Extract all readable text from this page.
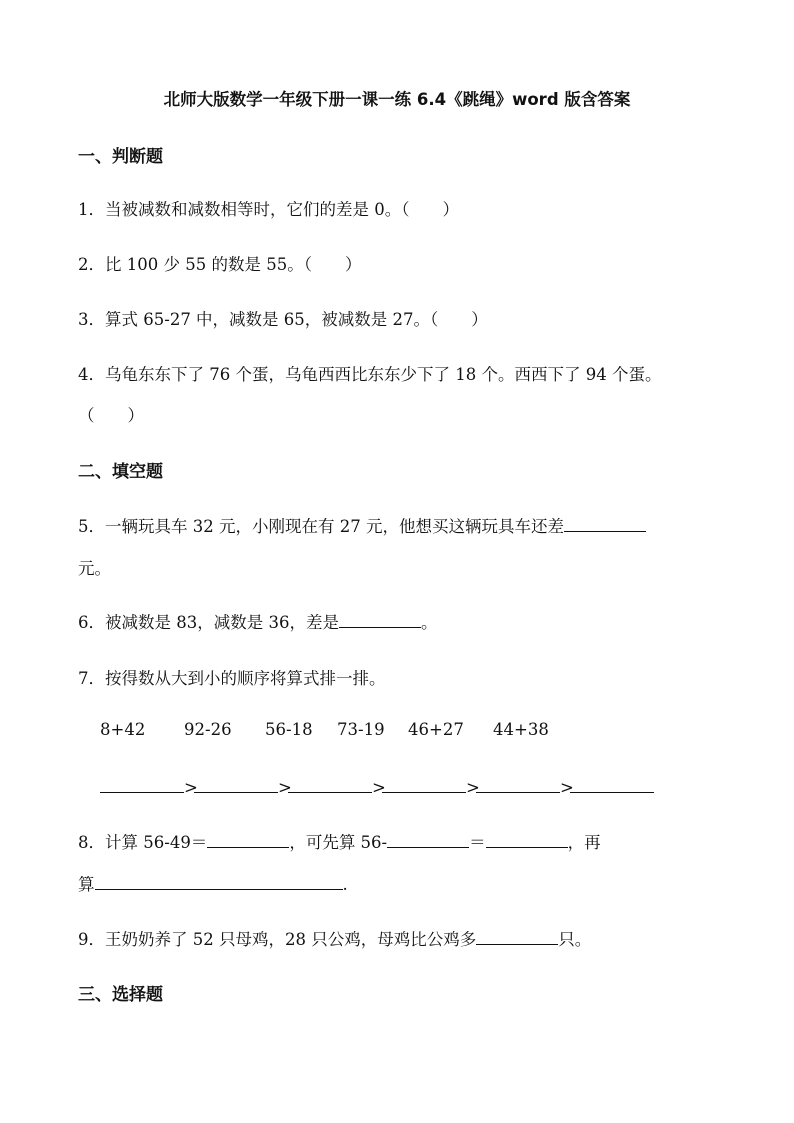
北师大版数学一年级下册一课一练 6.4《跳绳》word 版含答案
一、判断题
1．当被减数和减数相等时，它们的差是 0。（　　）
2．比 100 少 55 的数是 55。（　　）
3．算式 65-27 中，减数是 65，被减数是 27。（　　）
4．乌龟东东下了 76 个蛋，乌龟西西比东东少下了 18 个。西西下了 94 个蛋。
（　　）
二、填空题
5．一辆玩具车 32 元，小刚现在有 27 元，他想买这辆玩具车还差
元。
6．被减数是 83，减数是 36，差是	。
7．按得数从大到小的顺序将算式排一排。
8+42 92-26 56-18 73-19 46+27 44+38
>	>	>	>	>
8．计算 56-49＝	，可先算 56-	＝	，再
算	.
9．王奶奶养了 52 只母鸡，28 只公鸡，母鸡比公鸡多	只。
三、选择题
